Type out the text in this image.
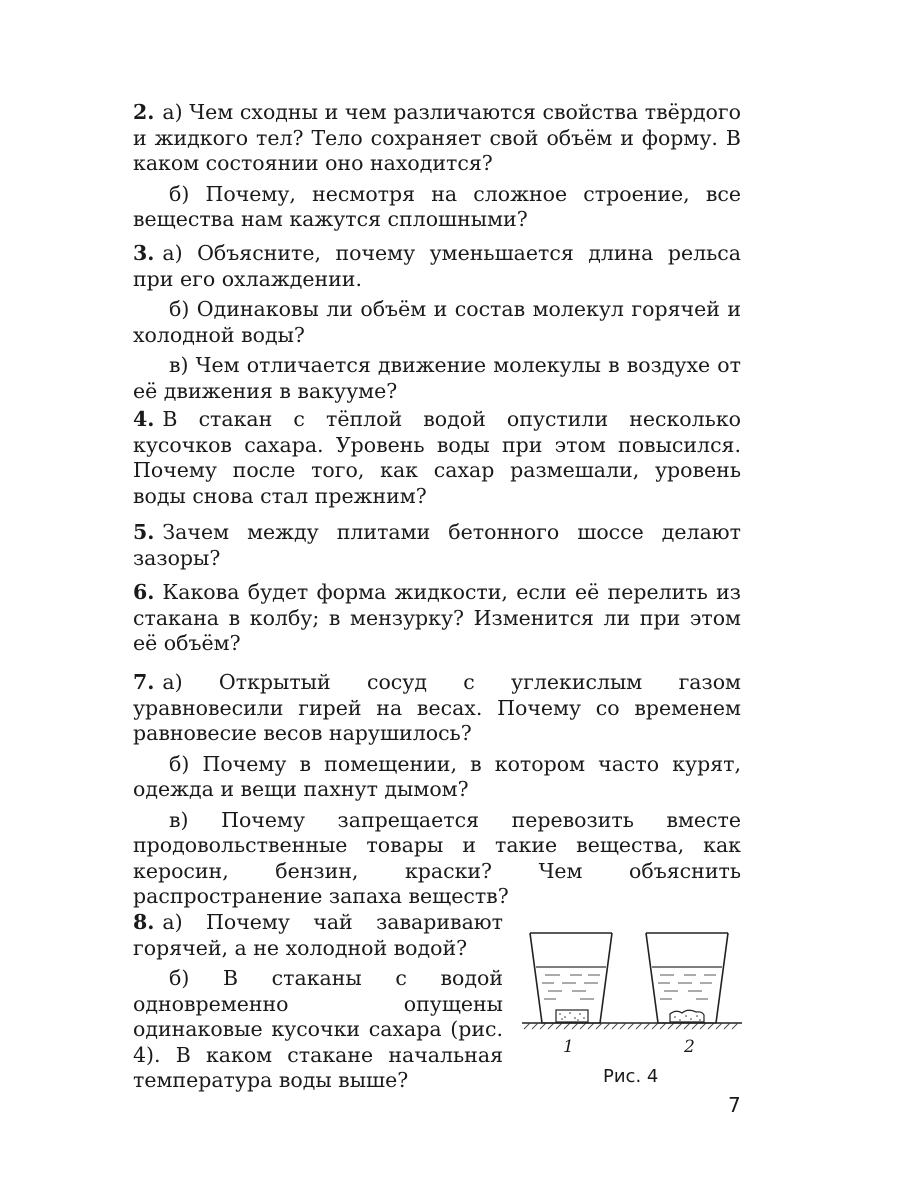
2. а) Чем сходны и чем различаются свойства твёрдого и жидкого тел? Тело сохраняет свой объём и форму. В каком состоянии оно находится?

б) Почему, несмотря на сложное строение, все вещества нам кажутся сплошными?

3. а) Объясните, почему уменьшается длина рельса при его охлаждении.

б) Одинаковы ли объём и состав молекул горячей и холодной воды?

в) Чем отличается движение молекулы в воздухе от её движения в вакууме?

4. В стакан с тёплой водой опустили несколько кусочков сахара. Уровень воды при этом повысился. Почему после того, как сахар размешали, уровень воды снова стал прежним?

5. Зачем между плитами бетонного шоссе делают зазоры?

6. Какова будет форма жидкости, если её перелить из стакана в колбу; в мензурку? Изменится ли при этом её объём?

7. а) Открытый сосуд с углекислым газом уравновесили гирей на весах. Почему со временем равновесие весов нарушилось?

б) Почему в помещении, в котором часто курят, одежда и вещи пахнут дымом?

в) Почему запрещается перевозить вместе продовольственные товары и такие вещества, как керосин, бензин, краски? Чем объяснить распространение запаха веществ?

8. а) Почему чай заваривают горячей, а не холодной водой?

б) В стаканы с водой одновременно опущены одинаковые кусочки сахара (рис. 4). В каком стакане начальная температура воды выше?

1	2
Рис. 4
7
